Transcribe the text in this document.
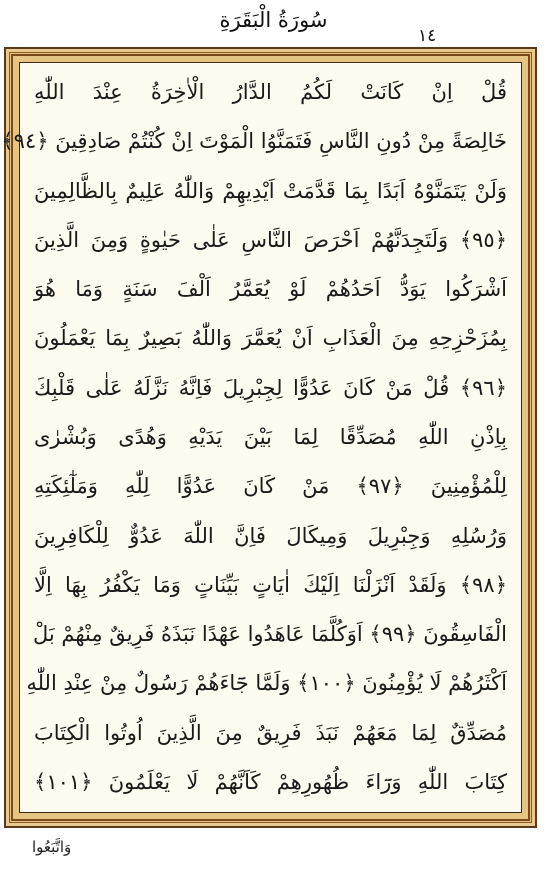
سُورَةُ الْبَقَرَةِ
١٤
قُلْ اِنْ كَانَتْ لَكُمُ الدَّارُ الْاٰخِرَةُ عِنْدَ اللّٰهِ
خَالِصَةً مِنْ دُونِ النَّاسِ فَتَمَنَّوُا الْمَوْتَ اِنْ كُنْتُمْ صَادِقِينَ ﴿٩٤﴾
وَلَنْ يَتَمَنَّوْهُ اَبَدًا بِمَا قَدَّمَتْ اَيْدِيهِمْ وَاللّٰهُ عَلِيمٌ بِالظَّالِمِينَ
﴿٩٥﴾ وَلَتَجِدَنَّهُمْ اَحْرَصَ النَّاسِ عَلٰى حَيٰوةٍ وَمِنَ الَّذِينَ
اَشْرَكُوا يَوَدُّ اَحَدُهُمْ لَوْ يُعَمَّرُ اَلْفَ سَنَةٍ وَمَا هُوَ
بِمُزَحْزِحِهِ مِنَ الْعَذَابِ اَنْ يُعَمَّرَ وَاللّٰهُ بَصِيرٌ بِمَا يَعْمَلُونَ
﴿٩٦﴾ قُلْ مَنْ كَانَ عَدُوًّا لِجِبْرِيلَ فَاِنَّهُ نَزَّلَهُ عَلٰى قَلْبِكَ
بِاِذْنِ اللّٰهِ مُصَدِّقًا لِمَا بَيْنَ يَدَيْهِ وَهُدًى وَبُشْرٰى
لِلْمُؤْمِنِينَ ﴿٩٧﴾ مَنْ كَانَ عَدُوًّا لِلّٰهِ وَمَلٰٓئِكَتِهِ
وَرُسُلِهِ وَجِبْرِيلَ وَمِيكَالَ فَاِنَّ اللّٰهَ عَدُوٌّ لِلْكَافِرِينَ
﴿٩٨﴾ وَلَقَدْ اَنْزَلْنَا اِلَيْكَ اٰيَاتٍ بَيِّنَاتٍ وَمَا يَكْفُرُ بِهَا اِلَّا
الْفَاسِقُونَ ﴿٩٩﴾ اَوَكُلَّمَا عَاهَدُوا عَهْدًا نَبَذَهُ فَرِيقٌ مِنْهُمْ بَلْ
اَكْثَرُهُمْ لَا يُؤْمِنُونَ ﴿١٠٠﴾ وَلَمَّا جَٓاءَهُمْ رَسُولٌ مِنْ عِنْدِ اللّٰهِ
مُصَدِّقٌ لِمَا مَعَهُمْ نَبَذَ فَرِيقٌ مِنَ الَّذِينَ اُوتُوا الْكِتَابَ
كِتَابَ اللّٰهِ وَرَٓاءَ ظُهُورِهِمْ كَاَنَّهُمْ لَا يَعْلَمُونَ ﴿١٠١﴾
وَاتَّبَعُوا
